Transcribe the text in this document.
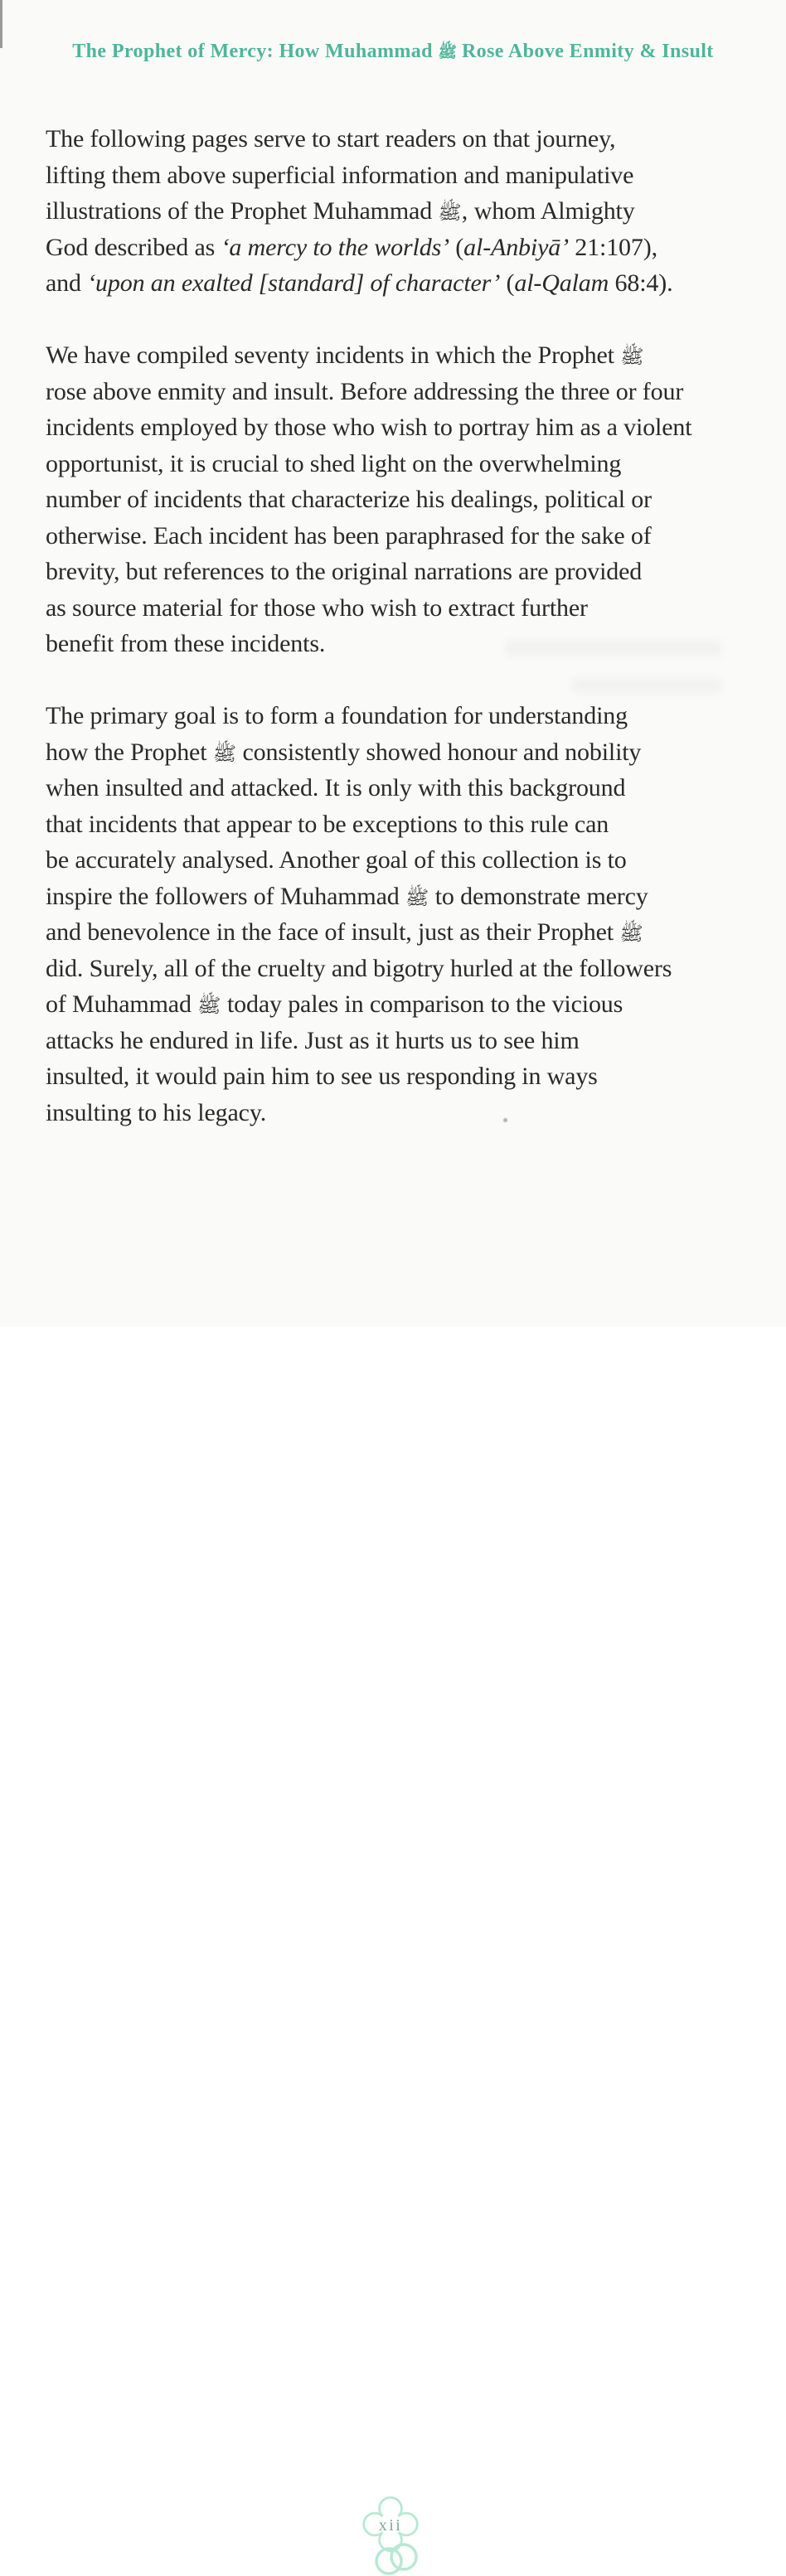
The Prophet of Mercy: How Muhammad ﷺ Rose Above Enmity & Insult
The following pages serve to start readers on that journey,
lifting them above superficial information and manipulative
illustrations of the Prophet Muhammad ﷺ, whom Almighty
God described as ‘a mercy to the worlds’ (al-Anbiyā’ 21:107),
and ‘upon an exalted [standard] of character’ (al-Qalam 68:4).
We have compiled seventy incidents in which the Prophet ﷺ
rose above enmity and insult. Before addressing the three or four
incidents employed by those who wish to portray him as a violent
opportunist, it is crucial to shed light on the overwhelming
number of incidents that characterize his dealings, political or
otherwise. Each incident has been paraphrased for the sake of
brevity, but references to the original narrations are provided
as source material for those who wish to extract further
benefit from these incidents.
The primary goal is to form a foundation for understanding
how the Prophet ﷺ consistently showed honour and nobility
when insulted and attacked. It is only with this background
that incidents that appear to be exceptions to this rule can
be accurately analysed. Another goal of this collection is to
inspire the followers of Muhammad ﷺ to demonstrate mercy
and benevolence in the face of insult, just as their Prophet ﷺ
did. Surely, all of the cruelty and bigotry hurled at the followers
of Muhammad ﷺ today pales in comparison to the vicious
attacks he endured in life. Just as it hurts us to see him
insulted, it would pain him to see us responding in ways
insulting to his legacy.
xii
